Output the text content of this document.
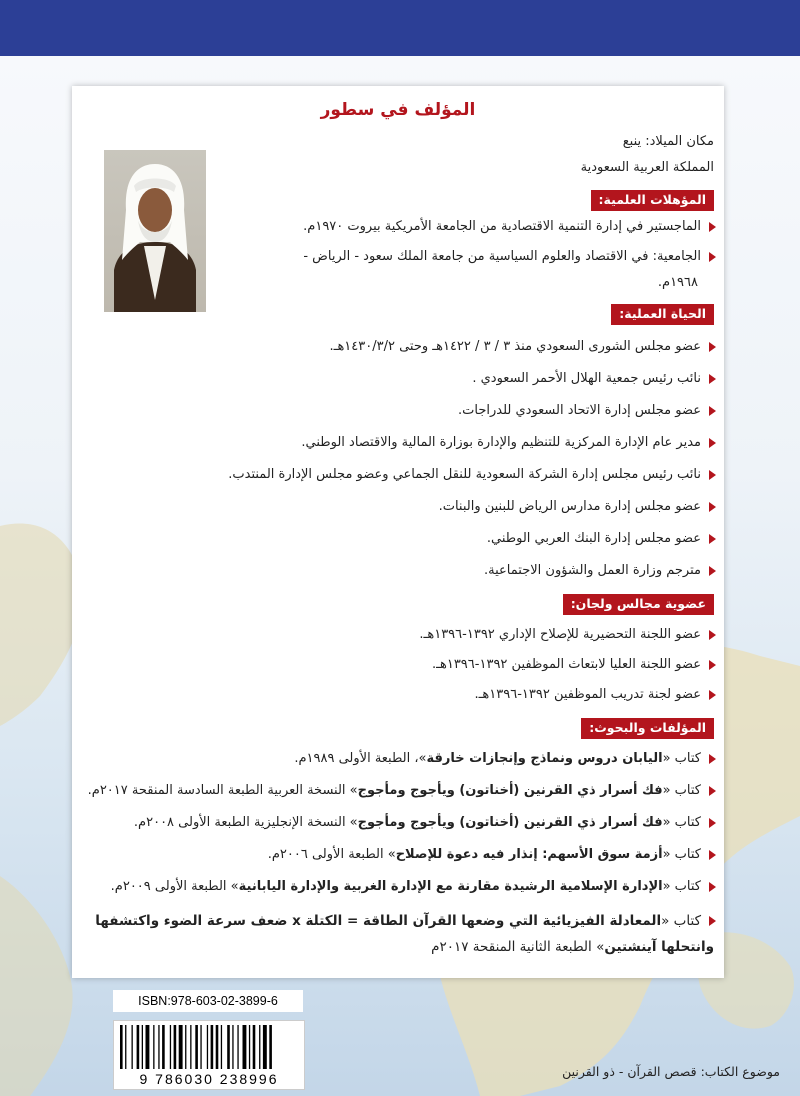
المؤلف في سطور
مكان الميلاد: ينبع
المملكة العربية السعودية
المؤهلات العلمية:
الماجستير في إدارة التنمية الاقتصادية من الجامعة الأمريكية بيروت ١٩٧٠م.
الجامعية: في الاقتصاد والعلوم السياسية من جامعة الملك سعود - الرياض -
١٩٦٨م.
الحياة العملية:
عضو مجلس الشورى السعودي منذ ٣ / ٣ / ١٤٢٢هـ وحتى ١٤٣٠/٣/٢هـ.
نائب رئيس جمعية الهلال الأحمر السعودي .
عضو مجلس إدارة الاتحاد السعودي للدراجات.
مدير عام الإدارة المركزية للتنظيم والإدارة بوزارة المالية والاقتصاد الوطني.
نائب رئيس مجلس إدارة الشركة السعودية للنقل الجماعي وعضو مجلس الإدارة المنتدب.
عضو مجلس إدارة مدارس الرياض للبنين والبنات.
عضو مجلس إدارة البنك العربي الوطني.
مترجم وزارة العمل والشؤون الاجتماعية.
عضوية مجالس ولجان:
عضو اللجنة التحضيرية للإصلاح الإداري ١٣٩٢-١٣٩٦هـ.
عضو اللجنة العليا لابتعاث الموظفين ١٣٩٢-١٣٩٦هـ.
عضو لجنة تدريب الموظفين ١٣٩٢-١٣٩٦هـ.
المؤلفات والبحوث:
كتاب «اليابان دروس ونماذج وإنجازات خارقة»، الطبعة الأولى ١٩٨٩م.
كتاب «فك أسرار ذي القرنين (أخناتون) ويأجوج ومأجوج» النسخة العربية الطبعة السادسة المنقحة ٢٠١٧م.
كتاب «فك أسرار ذي القرنين (أخناتون) ويأجوج ومأجوج» النسخة الإنجليزية الطبعة الأولى ٢٠٠٨م.
كتاب «أزمة سوق الأسهم: إنذار فيه دعوة للإصلاح» الطبعة الأولى ٢٠٠٦م.
كتاب «الإدارة الإسلامية الرشيدة مقارنة مع الإدارة الغربية والإدارة اليابانية» الطبعة الأولى ٢٠٠٩م.
كتاب «المعادلة الفيزيائية التي وضعها القرآن الطاقة = الكتلة x ضعف سرعة الضوء واكتشفها
وانتحلها آينشتين» الطبعة الثانية المنقحة ٢٠١٧م
ISBN:978-603-02-3899-6
9 786030 238996	موضوع الكتاب: قصص القرآن - ذو القرنين
